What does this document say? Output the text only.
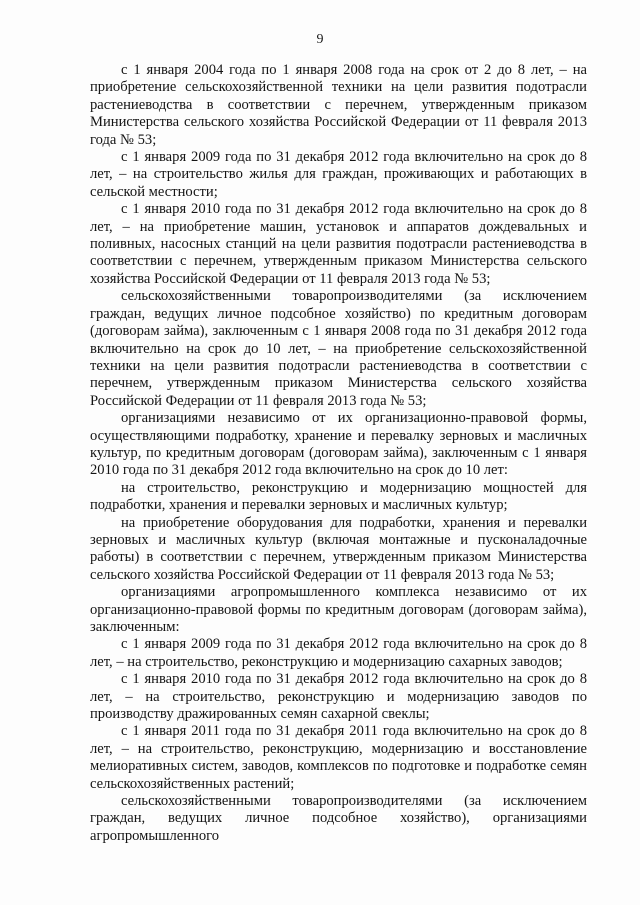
9

с 1 января 2004 года по 1 января 2008 года на срок от 2 до 8 лет, – на приобретение сельскохозяйственной техники на цели развития подотрасли растениеводства в соответствии с перечнем, утвержденным приказом Министерства сельского хозяйства Российской Федерации от 11 февраля 2013 года № 53;

с 1 января 2009 года по 31 декабря 2012 года включительно на срок до 8 лет, – на строительство жилья для граждан, проживающих и работающих в сельской местности;

с 1 января 2010 года по 31 декабря 2012 года включительно на срок до 8 лет, – на приобретение машин, установок и аппаратов дождевальных и поливных, насосных станций на цели развития подотрасли растениеводства в соответствии с перечнем, утвержденным приказом Министерства сельского хозяйства Российской Федерации от 11 февраля 2013 года № 53;

сельскохозяйственными товаропроизводителями (за исключением граждан, ведущих личное подсобное хозяйство) по кредитным договорам (договорам займа), заключенным с 1 января 2008 года по 31 декабря 2012 года включительно на срок до 10 лет, – на приобретение сельскохозяйственной техники на цели развития подотрасли растениеводства в соответствии с перечнем, утвержденным приказом Министерства сельского хозяйства Российской Федерации от 11 февраля 2013 года № 53;

организациями независимо от их организационно-правовой формы, осуществляющими подработку, хранение и перевалку зерновых и масличных культур, по кредитным договорам (договорам займа), заключенным с 1 января 2010 года по 31 декабря 2012 года включительно на срок до 10 лет:

на строительство, реконструкцию и модернизацию мощностей для подработки, хранения и перевалки зерновых и масличных культур;

на приобретение оборудования для подработки, хранения и перевалки зерновых и масличных культур (включая монтажные и пусконаладочные работы) в соответствии с перечнем, утвержденным приказом Министерства сельского хозяйства Российской Федерации от 11 февраля 2013 года № 53;

организациями агропромышленного комплекса независимо от их организационно-правовой формы по кредитным договорам (договорам займа), заключенным:

с 1 января 2009 года по 31 декабря 2012 года включительно на срок до 8 лет, – на строительство, реконструкцию и модернизацию сахарных заводов;

с 1 января 2010 года по 31 декабря 2012 года включительно на срок до 8 лет, – на строительство, реконструкцию и модернизацию заводов по производству дражированных семян сахарной свеклы;

с 1 января 2011 года по 31 декабря 2011 года включительно на срок до 8 лет, – на строительство, реконструкцию, модернизацию и восстановление мелиоративных систем, заводов, комплексов по подготовке и подработке семян сельскохозяйственных растений;

сельскохозяйственными товаропроизводителями (за исключением граждан, ведущих личное подсобное хозяйство), организациями агропромышленного
